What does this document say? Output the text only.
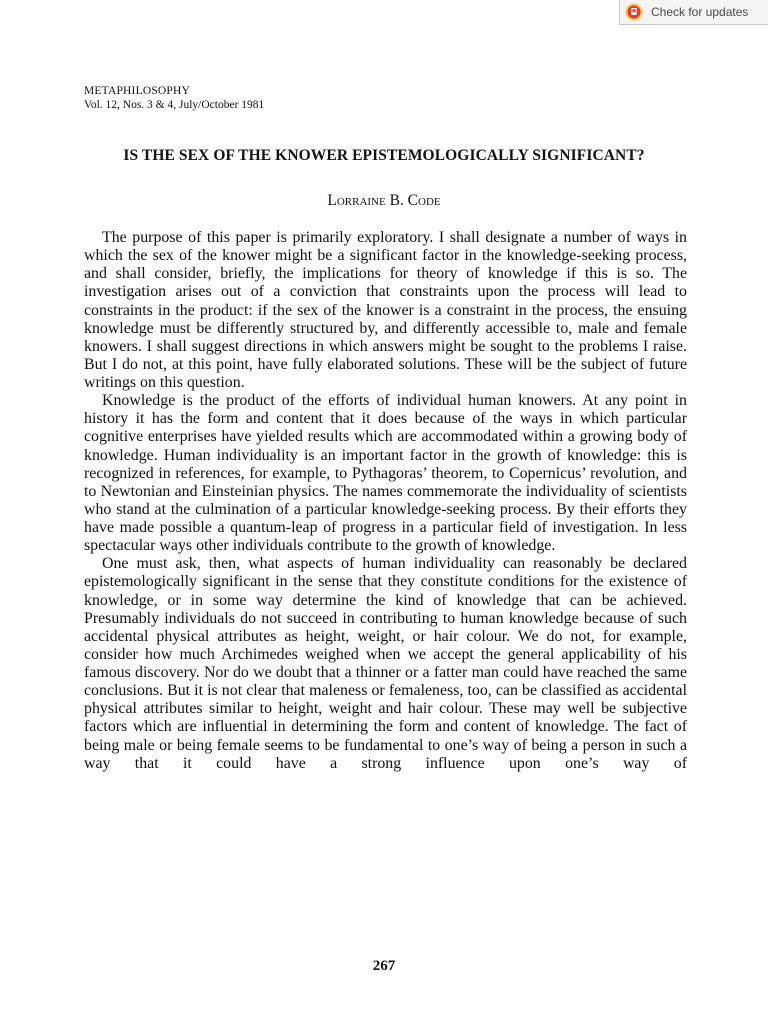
Check for updates
METAPHILOSOPHY
Vol. 12, Nos. 3 & 4, July/October 1981
IS THE SEX OF THE KNOWER EPISTEMOLOGICALLY SIGNIFICANT?
Lorraine B. Code

The purpose of this paper is primarily exploratory. I shall designate a number of ways in which the sex of the knower might be a significant factor in the knowledge-seeking process, and shall consider, briefly, the implications for theory of knowledge if this is so. The investigation arises out of a conviction that constraints upon the process will lead to constraints in the product: if the sex of the knower is a constraint in the process, the ensuing knowledge must be differently structured by, and differently accessible to, male and female knowers. I shall suggest directions in which answers might be sought to the problems I raise. But I do not, at this point, have fully elaborated solutions. These will be the subject of future writings on this question.

Knowledge is the product of the efforts of individual human knowers. At any point in history it has the form and content that it does because of the ways in which particular cognitive enterprises have yielded results which are accommodated within a growing body of knowledge. Human individuality is an important factor in the growth of knowledge: this is recognized in references, for example, to Pythagoras’ theorem, to Copernicus’ revolution, and to Newtonian and Einsteinian physics. The names commemorate the individuality of scientists who stand at the culmination of a particular knowledge-seeking process. By their efforts they have made possible a quantum-leap of progress in a particular field of investigation. In less spectacular ways other individuals contribute to the growth of knowledge.

One must ask, then, what aspects of human individuality can reasonably be declared epistemologically significant in the sense that they constitute conditions for the existence of knowledge, or in some way determine the kind of knowledge that can be achieved. Presumably individuals do not succeed in contributing to human knowledge because of such accidental physical attributes as height, weight, or hair colour. We do not, for example, consider how much Archimedes weighed when we accept the general applicability of his famous discovery. Nor do we doubt that a thinner or a fatter man could have reached the same conclusions. But it is not clear that maleness or femaleness, too, can be classified as accidental physical attributes similar to height, weight and hair colour. These may well be subjective factors which are influential in determining the form and content of knowledge. The fact of being male or being female seems to be fundamental to one’s way of being a person in such a way that it could have a strong influence upon one’s way of

267
